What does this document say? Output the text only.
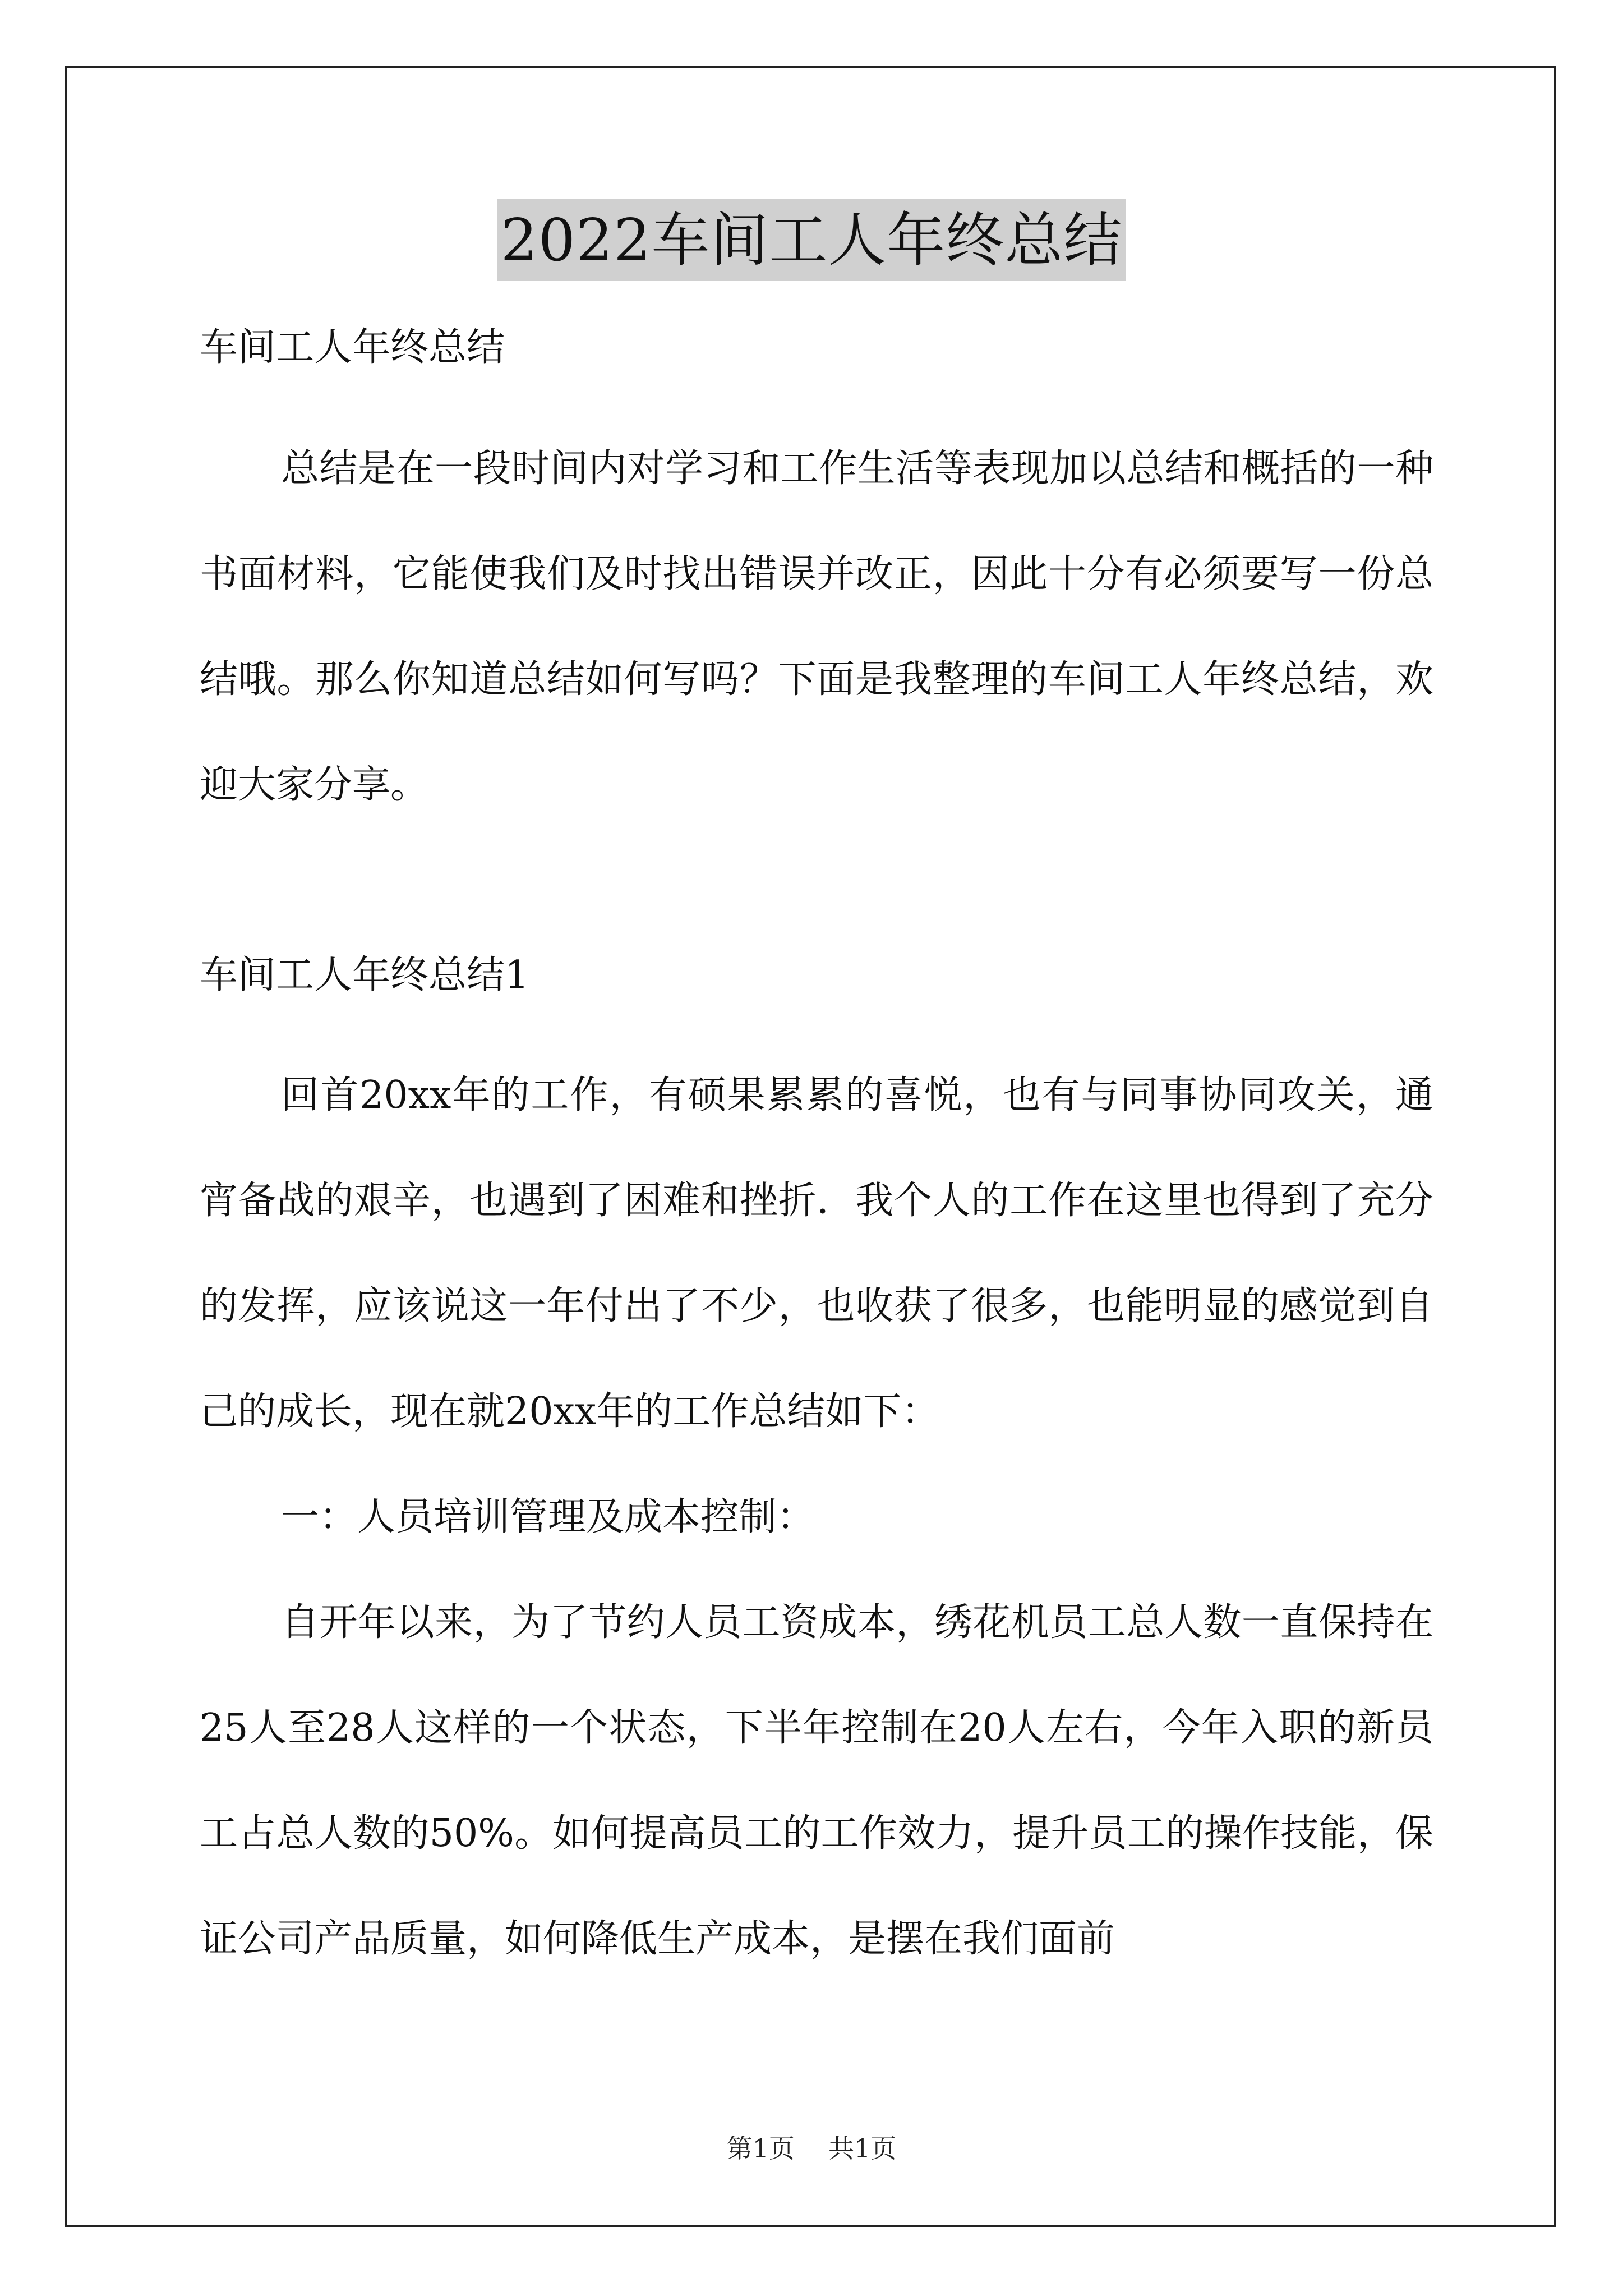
2022车间工人年终总结

车间工人年终总结

总结是在一段时间内对学习和工作生活等表现加以总结和概括的一种书面材料，它能使我们及时找出错误并改正，因此十分有必须要写一份总结哦。那么你知道总结如何写吗？下面是我整理的车间工人年终总结，欢迎大家分享。

车间工人年终总结1

回首20xx年的工作，有硕果累累的喜悦，也有与同事协同攻关，通宵备战的艰辛，也遇到了困难和挫折．我个人的工作在这里也得到了充分的发挥，应该说这一年付出了不少，也收获了很多，也能明显的感觉到自己的成长，现在就20xx年的工作总结如下：

一：人员培训管理及成本控制：

自开年以来，为了节约人员工资成本，绣花机员工总人数一直保持在25人至28人这样的一个状态，下半年控制在20人左右，今年入职的新员工占总人数的50%。如何提高员工的工作效力，提升员工的操作技能，保证公司产品质量，如何降低生产成本，是摆在我们面前

第1页 共1页
